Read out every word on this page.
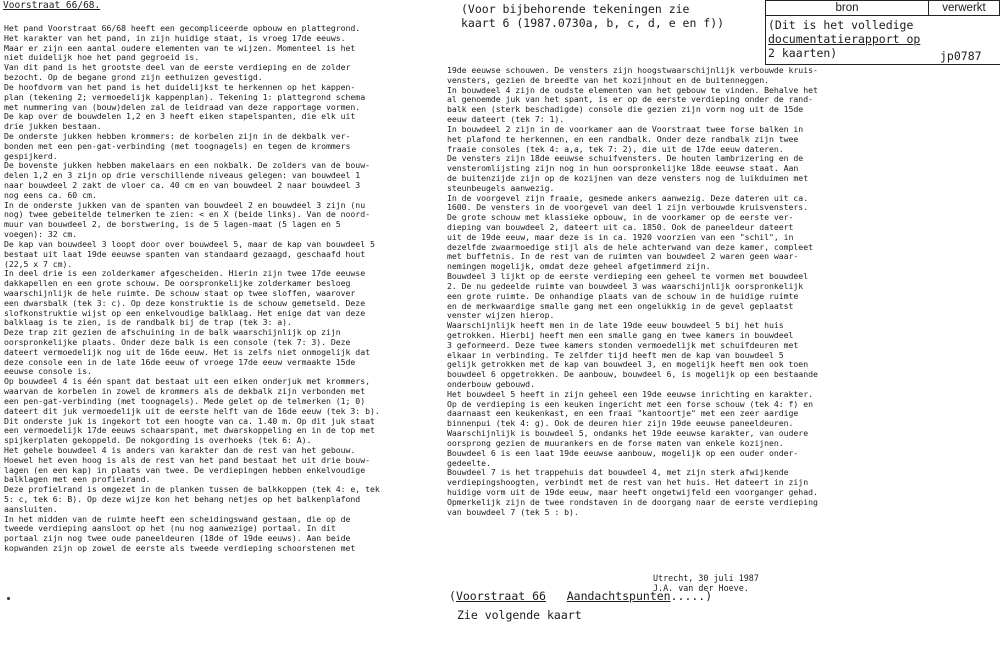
Voorstraat 66/68.	(Voor bijbehorende tekeningen zie
kaart 6 (1987.0730a, b, c, d, e en f))
bron	verwerkt
(Dit is het volledige
documentatierapport op
2 kaarten)	jp0787

Het pand Voorstraat 66/68 heeft een gecompliceerde opbouw en plattegrond.

Het karakter van het pand, in zijn huidige staat, is vroeg 17de eeuws.

Maar er zijn een aantal oudere elementen van te wijzen. Momenteel is het

niet duidelijk hoe het pand gegroeid is.

Van dit pand is het grootste deel van de eerste verdieping en de zolder

bezocht. Op de begane grond zijn eethuizen gevestigd.

De hoofdvorm van het pand is het duidelijkst te herkennen op het kappen-

plan (tekening 2; vermoedelijk kappenplan). Tekening 1: plattegrond schema

met nummering van (bouw)delen zal de leidraad van deze rapportage vormen.

De kap over de bouwdelen 1,2 en 3 heeft eiken stapelspanten, die elk uit

drie jukken bestaan.

De onderste jukken hebben krommers: de korbelen zijn in de dekbalk ver-

bonden met een pen-gat-verbinding (met toognagels) en tegen de krommers

gespijkerd.

De bovenste jukken hebben makelaars en een nokbalk. De zolders van de bouw-

delen 1,2 en 3 zijn op drie verschillende niveaus gelegen: van bouwdeel 1

naar bouwdeel 2 zakt de vloer ca. 40 cm en van bouwdeel 2 naar bouwdeel 3

nog eens ca. 60 cm.

In de onderste jukken van de spanten van bouwdeel 2 en bouwdeel 3 zijn (nu

nog) twee gebeitelde telmerken te zien: < en X (beide links). Van de noord-

muur van bouwdeel 2, de borstwering, is de 5 lagen-maat (5 lagen en 5

voegen): 32 cm.

De kap van bouwdeel 3 loopt door over bouwdeel 5, maar de kap van bouwdeel 5

bestaat uit laat 19de eeuwse spanten van standaard gezaagd, geschaafd hout

(22,5 x 7 cm).

In deel drie is een zolderkamer afgescheiden. Hierin zijn twee 17de eeuwse

dakkapellen en een grote schouw. De oorspronkelijke zolderkamer besloeg

waarschijnlijk de hele ruimte. De schouw staat op twee sloffen, waarover

een dwarsbalk (tek 3: c). Op deze konstruktie is de schouw gemetseld. Deze

slofkonstruktie wijst op een enkelvoudige balklaag. Het enige dat van deze

balklaag is te zien, is de randbalk bij de trap (tek 3: a).

Deze trap zit gezien de afschuining in de balk waarschijnlijk op zijn

oorspronkelijke plaats. Onder deze balk is een console (tek 7: 3). Deze

dateert vermoedelijk nog uit de 16de eeuw. Het is zelfs niet onmogelijk dat

deze console een in de late 16de eeuw of vroege 17de eeuw vermaakte 15de

eeuwse console is.

Op bouwdeel 4 is één spant dat bestaat uit een eiken onderjuk met krommers,

waarvan de korbelen in zowel de krommers als de dekbalk zijn verbonden met

een pen-gat-verbinding (met toognagels). Mede gelet op de telmerken (1; 0)

dateert dit juk vermoedelijk uit de eerste helft van de 16de eeuw (tek 3: b).

Dit onderste juk is ingekort tot een hoogte van ca. 1.40 m. Op dit juk staat

een vermoedelijk 17de eeuws schaarspant, met dwarskoppeling en in de top met

spijkerplaten gekoppeld. De nokgording is overhoeks (tek 6: A).

Het gehele bouwdeel 4 is anders van karakter dan de rest van het gebouw.

Hoewel het even hoog is als de rest van het pand bestaat het uit drie bouw-

lagen (en een kap) in plaats van twee. De verdiepingen hebben enkelvoudige

balklagen met een profielrand.

Deze profielrand is omgezet in de planken tussen de balkkoppen (tek 4: e, tek

5: c, tek 6: B). Op deze wijze kon het behang netjes op het balkenplafond

aansluiten.

In het midden van de ruimte heeft een scheidingswand gestaan, die op de

tweede verdieping aansloot op het (nu nog aanwezige) portaal. In dit

portaal zijn nog twee oude paneeldeuren (18de of 19de eeuws). Aan beide

kopwanden zijn op zowel de eerste als tweede verdieping schoorstenen met

19de eeuwse schouwen. De vensters zijn hoogstwaarschijnlijk verbouwde kruis-

vensters, gezien de breedte van het kozijnhout en de buitenneggen.

In bouwdeel 4 zijn de oudste elementen van het gebouw te vinden. Behalve het

al genoemde juk van het spant, is er op de eerste verdieping onder de rand-

balk een (sterk beschadigde) console die gezien zijn vorm nog uit de 15de

eeuw dateert (tek 7: 1).

In bouwdeel 2 zijn in de voorkamer aan de Voorstraat twee forse balken in

het plafond te herkennen, en een randbalk. Onder deze randbalk zijn twee

fraaie consoles (tek 4: a,a, tek 7: 2), die uit de 17de eeuw dateren.

De vensters zijn 18de eeuwse schuifvensters. De houten lambrizering en de

vensteromlijsting zijn nog in hun oorspronkelijke 18de eeuwse staat. Aan

de buitenzijde zijn op de kozijnen van deze vensters nog de luikduimen met

steunbeugels aanwezig.

In de voorgevel zijn fraaie, gesmede ankers aanwezig. Deze dateren uit ca.

1600. De vensters in de voorgevel van deel 1 zijn verbouwde kruisvensters.

De grote schouw met klassieke opbouw, in de voorkamer op de eerste ver-

dieping van bouwdeel 2, dateert uit ca. 1850. Ook de paneeldeur dateert

uit de 19de eeuw, maar deze is in ca. 1920 voorzien van een "schil", in

dezelfde zwaarmoedige stijl als de hele achterwand van deze kamer, compleet

met buffetnis. In de rest van de ruimten van bouwdeel 2 waren geen waar-

nemingen mogelijk, omdat deze geheel afgetimmerd zijn.

Bouwdeel 3 lijkt op de eerste verdieping een geheel te vormen met bouwdeel

2. De nu gedeelde ruimte van bouwdeel 3 was waarschijnlijk oorspronkelijk

een grote ruimte. De onhandige plaats van de schouw in de huidige ruimte

en de merkwaardige smalle gang met een ongelukkig in de gevel geplaatst

venster wijzen hierop.

Waarschijnlijk heeft men in de late 19de eeuw bouwdeel 5 bij het huis

getrokken. Hierbij heeft men een smalle gang en twee kamers in bouwdeel

3 geformeerd. Deze twee kamers stonden vermoedelijk met schuifdeuren met

elkaar in verbinding. Te zelfder tijd heeft men de kap van bouwdeel 5

gelijk getrokken met de kap van bouwdeel 3, en mogelijk heeft men ook toen

bouwdeel 6 opgetrokken. De aanbouw, bouwdeel 6, is mogelijk op een bestaande

onderbouw gebouwd.

Het bouwdeel 5 heeft in zijn geheel een 19de eeuwse inrichting en karakter.

Op de verdieping is een keuken ingericht met een forse schouw (tek 4: f) en

daarnaast een keukenkast, en een fraai "kantoortje" met een zeer aardige

binnenpui (tek 4: g). Ook de deuren hier zijn 19de eeuwse paneeldeuren.

Waarschijnlijk is bouwdeel 5, ondanks het 19de eeuwse karakter, van oudere

oorsprong gezien de muurankers en de forse maten van enkele kozijnen.

Bouwdeel 6 is een laat 19de eeuwse aanbouw, mogelijk op een ouder onder-

gedeelte.

Bouwdeel 7 is het trappehuis dat bouwdeel 4, met zijn sterk afwijkende

verdiepingshoogten, verbindt met de rest van het huis. Het dateert in zijn

huidige vorm uit de 19de eeuw, maar heeft ongetwijfeld een voorganger gehad.

Opmerkelijk zijn de twee rondstaven in de doorgang naar de eerste verdieping

van bouwdeel 7 (tek 5 : b).

Utrecht, 30 juli 1987
J.A. van der Hoeve.
(Voorstraat 66 Aandachtspunten.....)
Zie volgende kaart
